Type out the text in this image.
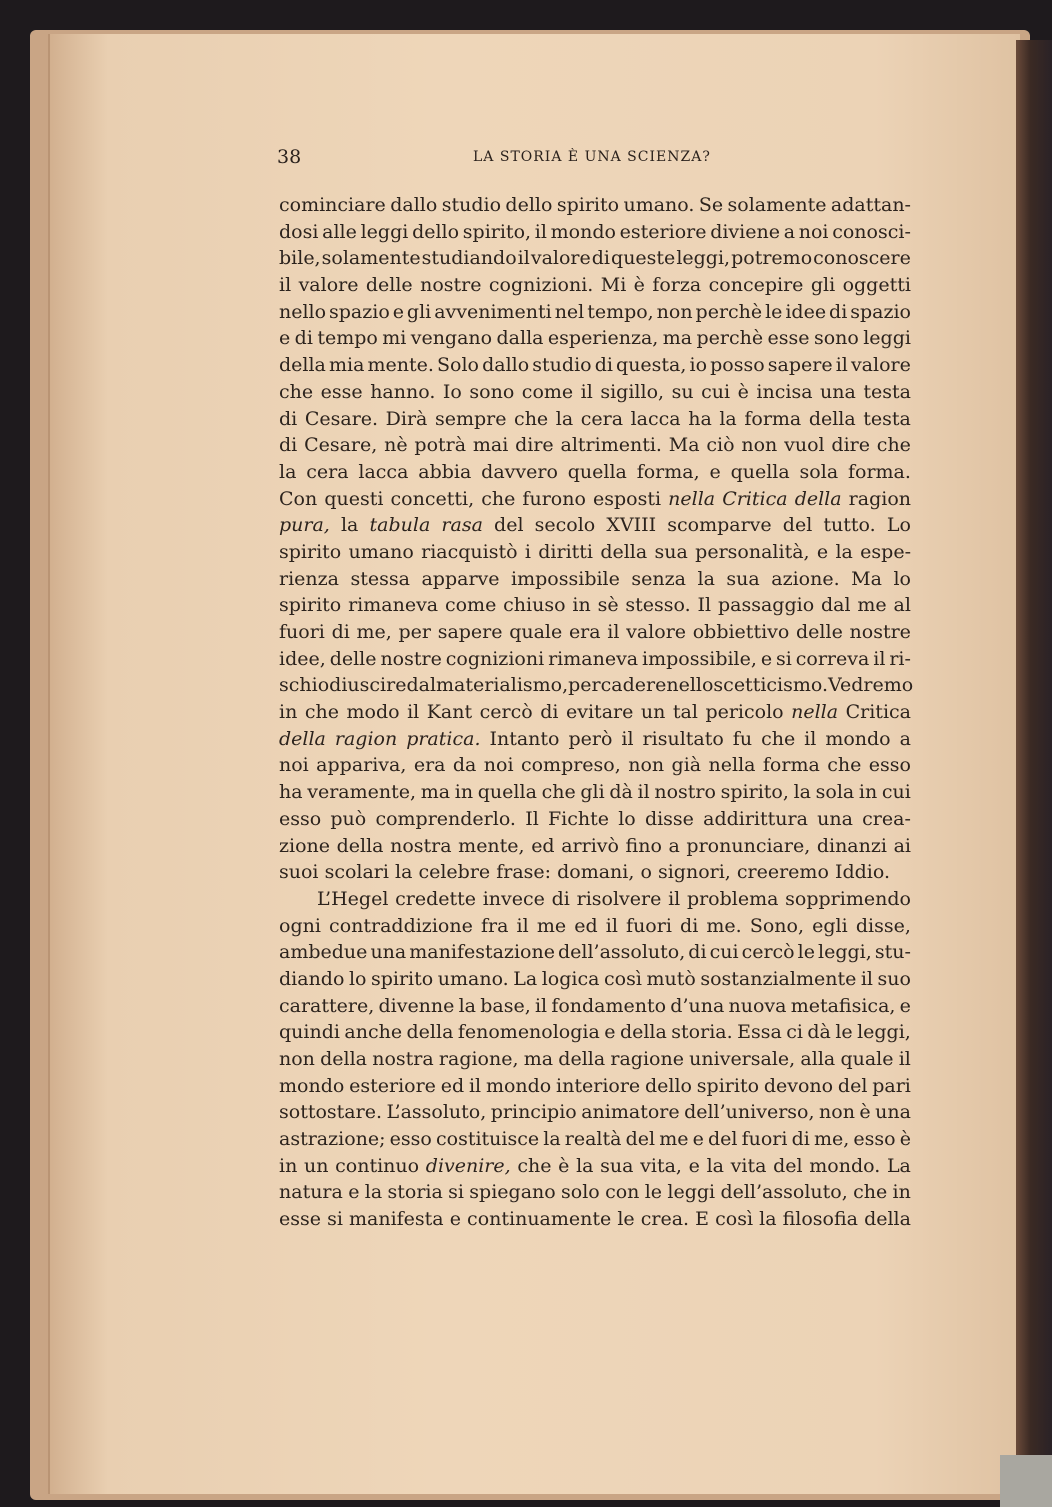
38	LA STORIA È UNA SCIENZA?
cominciare dallo studio dello spirito umano. Se solamente adattan-
dosi alle leggi dello spirito, il mondo esteriore diviene a noi conosci-
bile, solamente studiando il valore di queste leggi, potremo conoscere
il valore delle nostre cognizioni. Mi è forza concepire gli oggetti
nello spazio e gli avvenimenti nel tempo, non perchè le idee di spazio
e di tempo mi vengano dalla esperienza, ma perchè esse sono leggi
della mia mente. Solo dallo studio di questa, io posso sapere il valore
che esse hanno. Io sono come il sigillo, su cui è incisa una testa
di Cesare. Dirà sempre che la cera lacca ha la forma della testa
di Cesare, nè potrà mai dire altrimenti. Ma ciò non vuol dire che
la cera lacca abbia davvero quella forma, e quella sola forma.
Con questi concetti, che furono esposti nella Critica della ragion
pura, la tabula rasa del secolo XVIII scomparve del tutto. Lo
spirito umano riacquistò i diritti della sua personalità, e la espe-
rienza stessa apparve impossibile senza la sua azione. Ma lo
spirito rimaneva come chiuso in sè stesso. Il passaggio dal me al
fuori di me, per sapere quale era il valore obbiettivo delle nostre
idee, delle nostre cognizioni rimaneva impossibile, e si correva il ri-
schio di uscire dal materialismo, per cadere nello scetticismo. Vedremo
in che modo il Kant cercò di evitare un tal pericolo nella Critica
della ragion pratica. Intanto però il risultato fu che il mondo a
noi appariva, era da noi compreso, non già nella forma che esso
ha veramente, ma in quella che gli dà il nostro spirito, la sola in cui
esso può comprenderlo. Il Fichte lo disse addirittura una crea-
zione della nostra mente, ed arrivò fino a pronunciare, dinanzi ai
suoi
scolari
la
celebre
frase:
domani,
o
signori,
creeremo
Iddio.
L’Hegel credette invece di risolvere il problema sopprimendo
ogni contraddizione fra il me ed il fuori di me. Sono, egli disse,
ambedue una manifestazione dell’assoluto, di cui cercò le leggi, stu-
diando lo spirito umano. La logica così mutò sostanzialmente il suo
carattere, divenne la base, il fondamento d’una nuova metafisica, e
quindi anche della fenomenologia e della storia. Essa ci dà le leggi,
non della nostra ragione, ma della ragione universale, alla quale il
mondo esteriore ed il mondo interiore dello spirito devono del pari
sottostare. L’assoluto, principio animatore dell’universo, non è una
astrazione; esso costituisce la realtà del me e del fuori di me, esso è
in un continuo divenire, che è la sua vita, e la vita del mondo. La
natura e la storia si spiegano solo con le leggi dell’assoluto, che in
esse si manifesta e continuamente le crea. E così la filosofia della
